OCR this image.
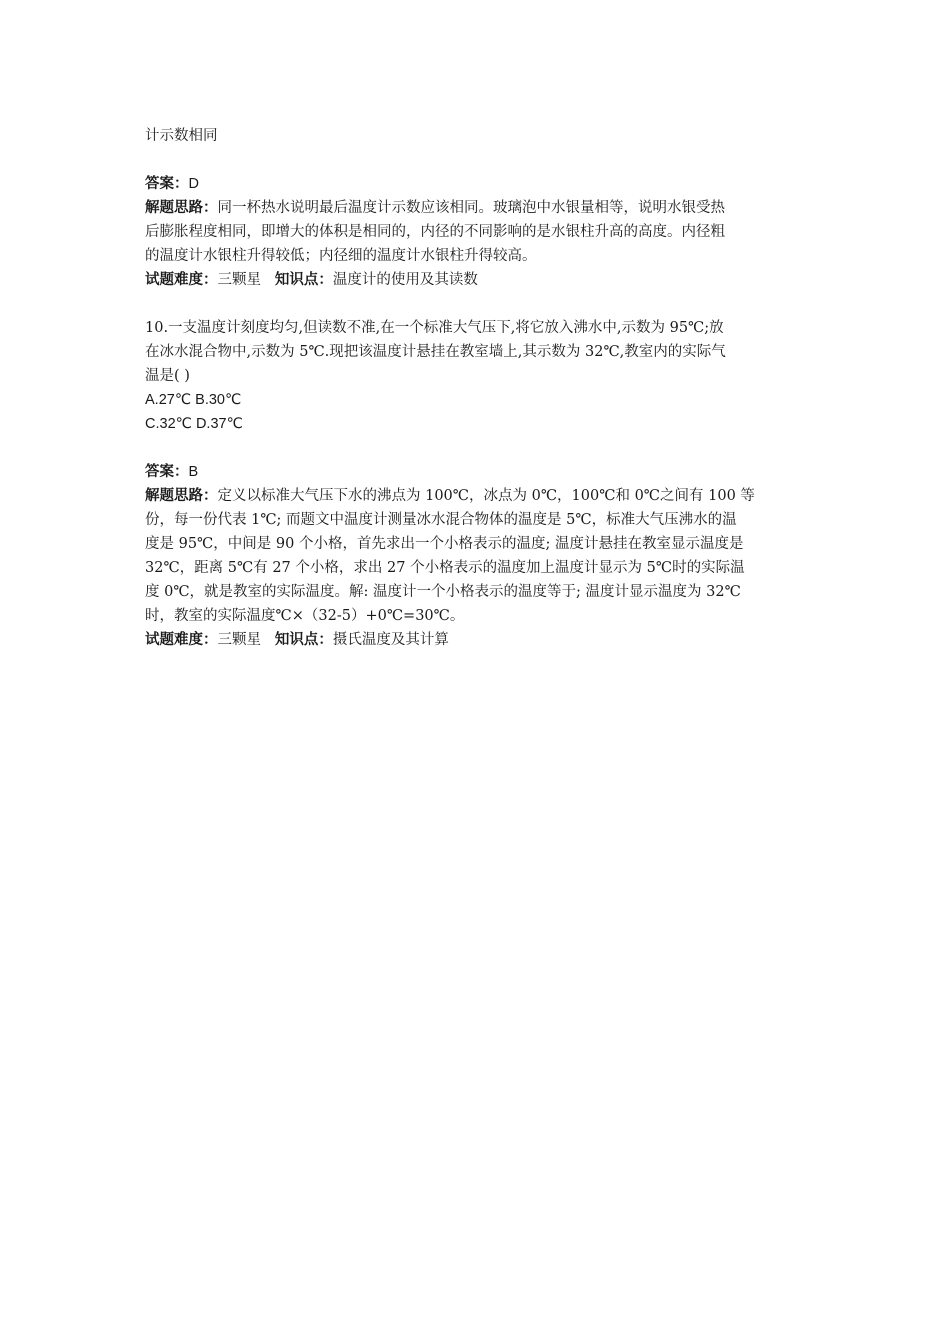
计示数相同
答案：D
解题思路：同一杯热水说明最后温度计示数应该相同。玻璃泡中水银量相等，说明水银受热
后膨胀程度相同，即增大的体积是相同的，内径的不同影响的是水银柱升高的高度。内径粗
的温度计水银柱升得较低；内径细的温度计水银柱升得较高。
试题难度：三颗星 知识点：温度计的使用及其读数
10.一支温度计刻度均匀,但读数不准,在一个标准大气压下,将它放入沸水中,示数为 95℃;放
在冰水混合物中,示数为 5℃.现把该温度计悬挂在教室墙上,其示数为 32℃,教室内的实际气
温是( )
A.27℃ B.30℃
C.32℃ D.37℃
答案：B
解题思路：定义以标准大气压下水的沸点为 100℃，冰点为 0℃，100℃和 0℃之间有 100 等
份，每一份代表 1℃; 而题文中温度计测量冰水混合物体的温度是 5℃，标准大气压沸水的温
度是 95℃，中间是 90 个小格，首先求出一个小格表示的温度; 温度计悬挂在教室显示温度是
32℃，距离 5℃有 27 个小格，求出 27 个小格表示的温度加上温度计显示为 5℃时的实际温
度 0℃，就是教室的实际温度。解: 温度计一个小格表示的温度等于; 温度计显示温度为 32℃
时，教室的实际温度℃×（32-5）+0℃=30℃。
试题难度：三颗星 知识点：摄氏温度及其计算
